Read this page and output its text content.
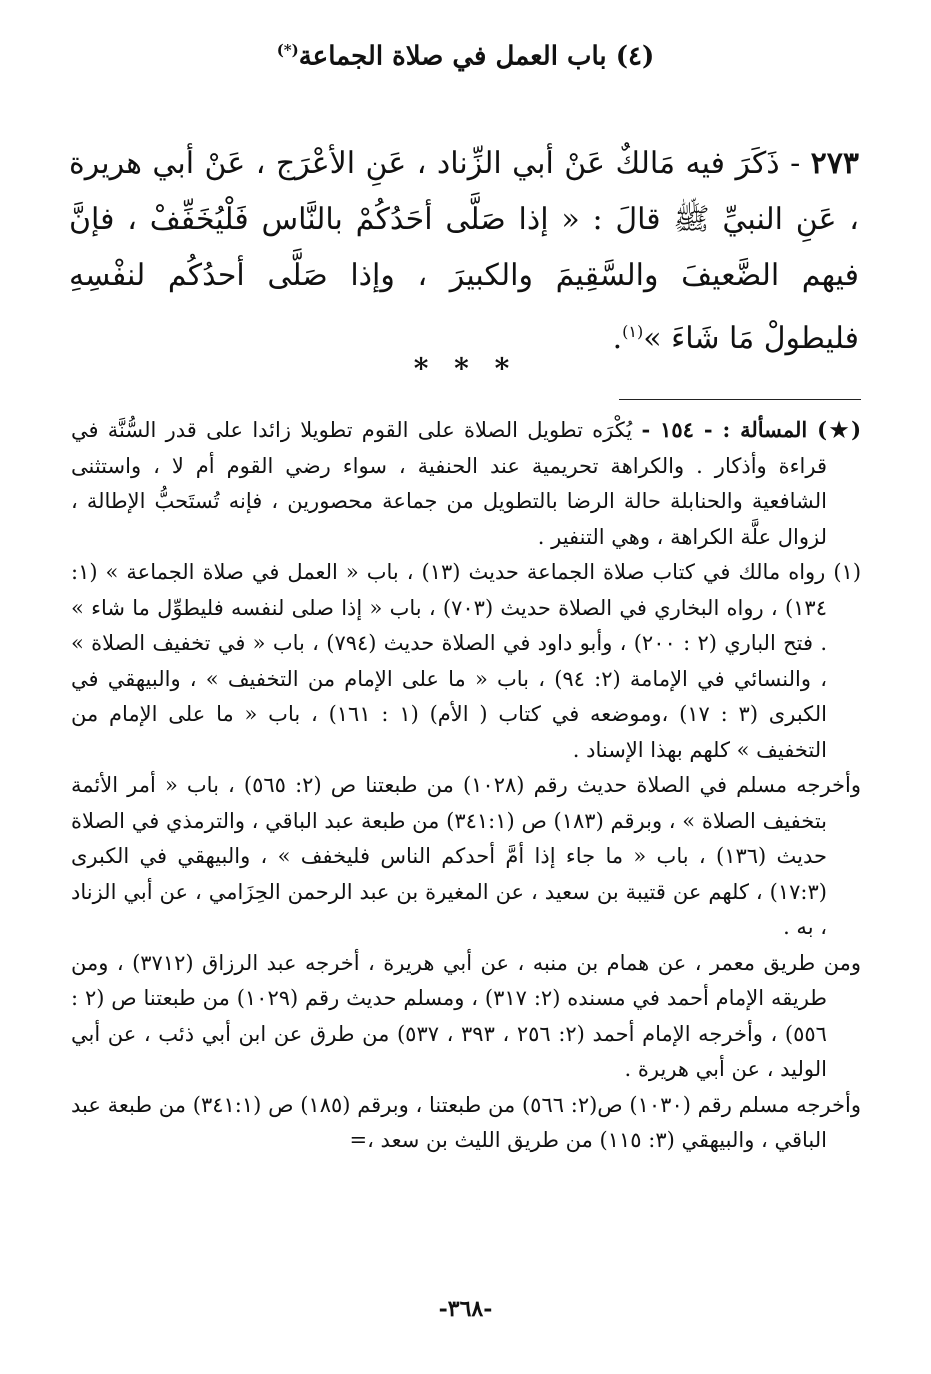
(٤) باب العمل في صلاة الجماعة(*)
٢٧٣ - ذَكَرَ فيه مَالكٌ عَنْ أبي الزِّناد ، عَنِ الأعْرَج ، عَنْ أبي هريرة ، عَنِ النبيِّ ﷺ قالَ : « إذا صَلَّى أحَدُكُمْ بالنَّاس فَلْيُخَفِّفْ ، فإنَّ فيهم الضَّعيفَ والسَّقِيمَ والكبيرَ ، وإذا صَلَّى أحدُكُم لنفْسِهِ فليطولْ مَا شَاءَ »$^{(١)}$.
* * *

(★) المسألة : - ١٥٤ - يُكْرَه تطويل الصلاة على القوم تطويلا زائدا على قدر السُّنَّة في قراءة وأذكار . والكراهة تحريمية عند الحنفية ، سواء رضي القوم أم لا ، واستثنى الشافعية والحنابلة حالة الرضا بالتطويل من جماعة محصورين ، فإنه تُستَحبُّ الإطالة ، لزوال علَّة الكراهة ، وهي التنفير .

(١) رواه مالك في كتاب صلاة الجماعة حديث (١٣) ، باب « العمل في صلاة الجماعة » (١: ١٣٤) ، رواه البخاري في الصلاة حديث (٧٠٣) ، باب « إذا صلى لنفسه فليطوِّل ما شاء » . فتح الباري (٢ : ٢٠٠) ، وأبو داود في الصلاة حديث (٧٩٤) ، باب « في تخفيف الصلاة » ، والنسائي في الإمامة (٢: ٩٤) ، باب « ما على الإمام من التخفيف » ، والبيهقي في الكبرى (٣ : ١٧) ،وموضعه في كتاب ( الأم) (١ : ١٦١) ، باب « ما على الإمام من التخفيف » كلهم بهذا الإسناد .

وأخرجه مسلم في الصلاة حديث رقم (١٠٢٨) من طبعتنا ص (٢: ٥٦٥) ، باب « أمر الأئمة بتخفيف الصلاة » ، وبرقم (١٨٣) ص (٣٤١:١) من طبعة عبد الباقي ، والترمذي في الصلاة حديث (١٣٦) ، باب « ما جاء إذا أمَّ أحدكم الناس فليخفف » ، والبيهقي في الكبرى (١٧:٣) ، كلهم عن قتيبة بن سعيد ، عن المغيرة بن عبد الرحمن الحِزَامي ، عن أبي الزناد ، به .

ومن طريق معمر ، عن همام بن منبه ، عن أبي هريرة ، أخرجه عبد الرزاق (٣٧١٢) ، ومن طريقه الإمام أحمد في مسنده (٢: ٣١٧) ، ومسلم حديث رقم (١٠٢٩) من طبعتنا ص (٢ : ٥٥٦) ، وأخرجه الإمام أحمد (٢: ٢٥٦ ، ٣٩٣ ، ٥٣٧) من طرق عن ابن أبي ذئب ، عن أبي الوليد ، عن أبي هريرة .

وأخرجه مسلم رقم (١٠٣٠) ص(٢: ٥٦٦) من طبعتنا ، وبرقم (١٨٥) ص (٣٤١:١) من طبعة عبد الباقي ، والبيهقي (٣: ١١٥) من طريق الليث بن سعد ،=

-٣٦٨-
